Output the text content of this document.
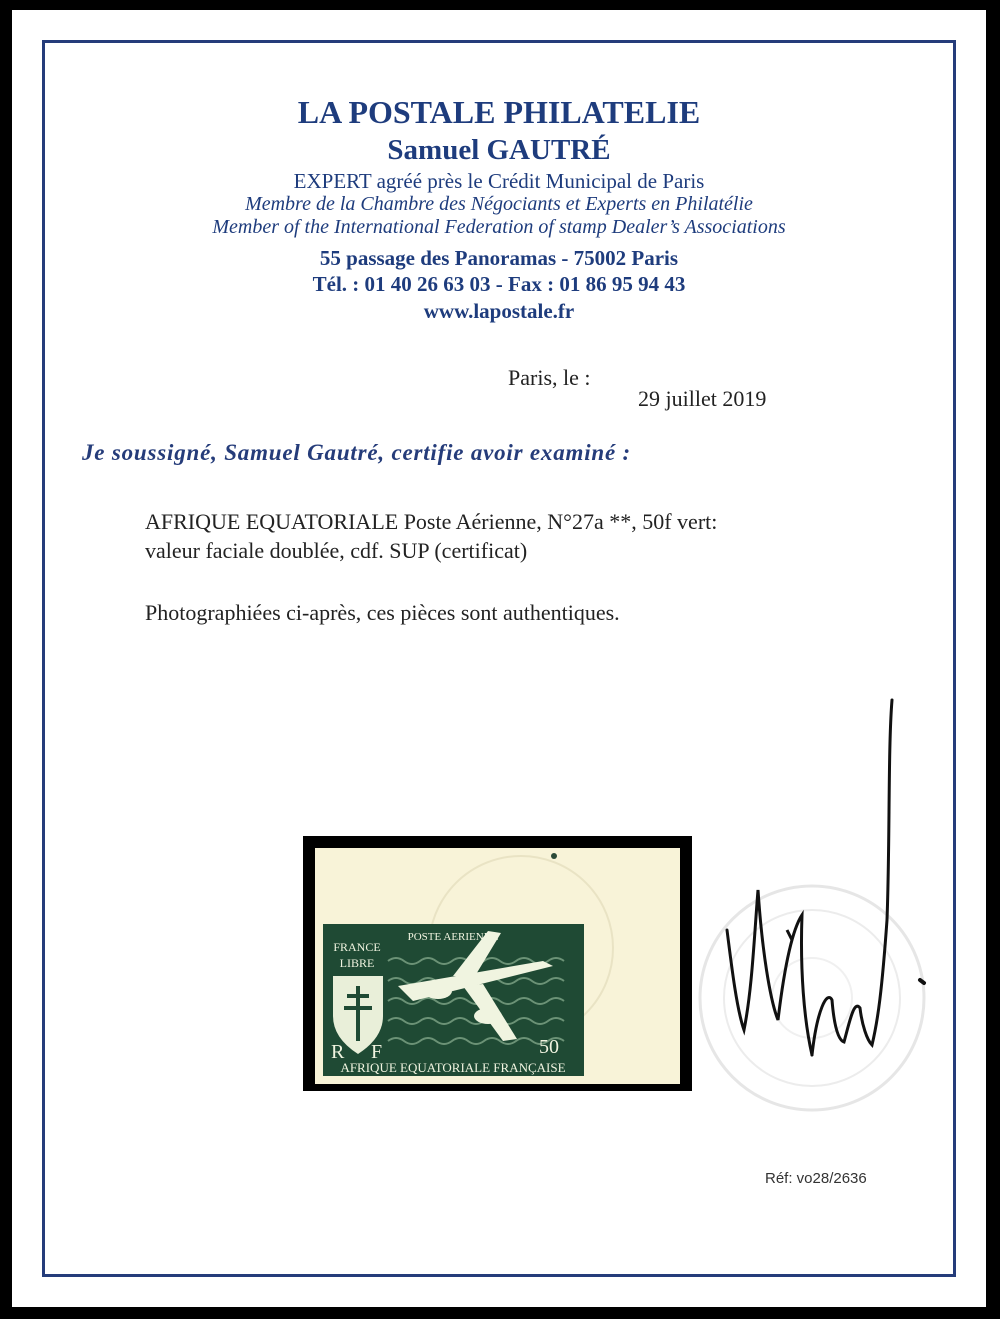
LA POSTALE PHILATELIE
Samuel GAUTRÉ
EXPERT agréé près le Crédit Municipal de Paris
Membre de la Chambre des Négociants et Experts en Philatélie
Member of the International Federation of stamp Dealer’s Associations
55 passage des Panoramas - 75002 Paris
Tél. : 01 40 26 63 03 - Fax : 01 86 95 94 43
www.lapostale.fr
Paris, le :
29 juillet 2019
Je soussigné, Samuel Gautré, certifie avoir examiné :
AFRIQUE EQUATORIALE Poste Aérienne, N°27a **, 50f vert:
valeur faciale doublée, cdf. SUP (certificat)
Photographiées ci-après, ces pièces sont authentiques.
POSTE AERIENNE
FRANCE
LIBRE
R F	50
AFRIQUE EQUATORIALE FRANÇAISE
Réf: vo28/2636
